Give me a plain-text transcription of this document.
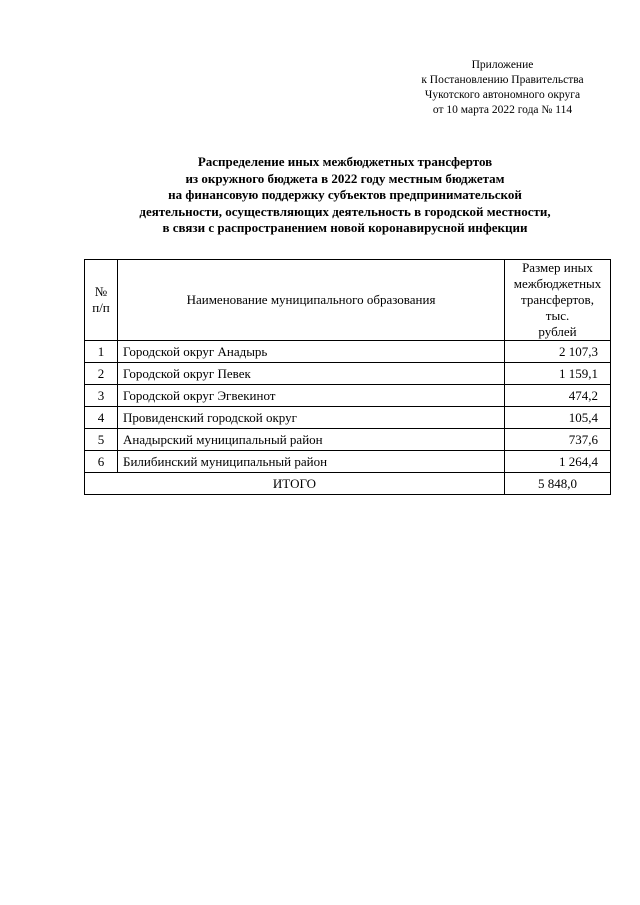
Приложение
к Постановлению Правительства
Чукотского автономного округа
от 10 марта 2022 года № 114
Распределение иных межбюджетных трансфертов
из окружного бюджета в 2022 году местным бюджетам
на финансовую поддержку субъектов предпринимательской
деятельности, осуществляющих деятельность в городской местности,
в связи с распространением новой коронавирусной инфекции
№
п/п	Наименование муниципального образования	Размер иных
межбюджетных
трансфертов, тыс.
рублей

1	Городской округ Анадырь	2 107,3
2	Городской округ Певек	1 159,1
3	Городской округ Эгвекинот	474,2
4	Провиденский городской округ	105,4
5	Анадырский муниципальный район	737,6
6	Билибинский муниципальный район	1 264,4
ИТОГО		5 848,0
